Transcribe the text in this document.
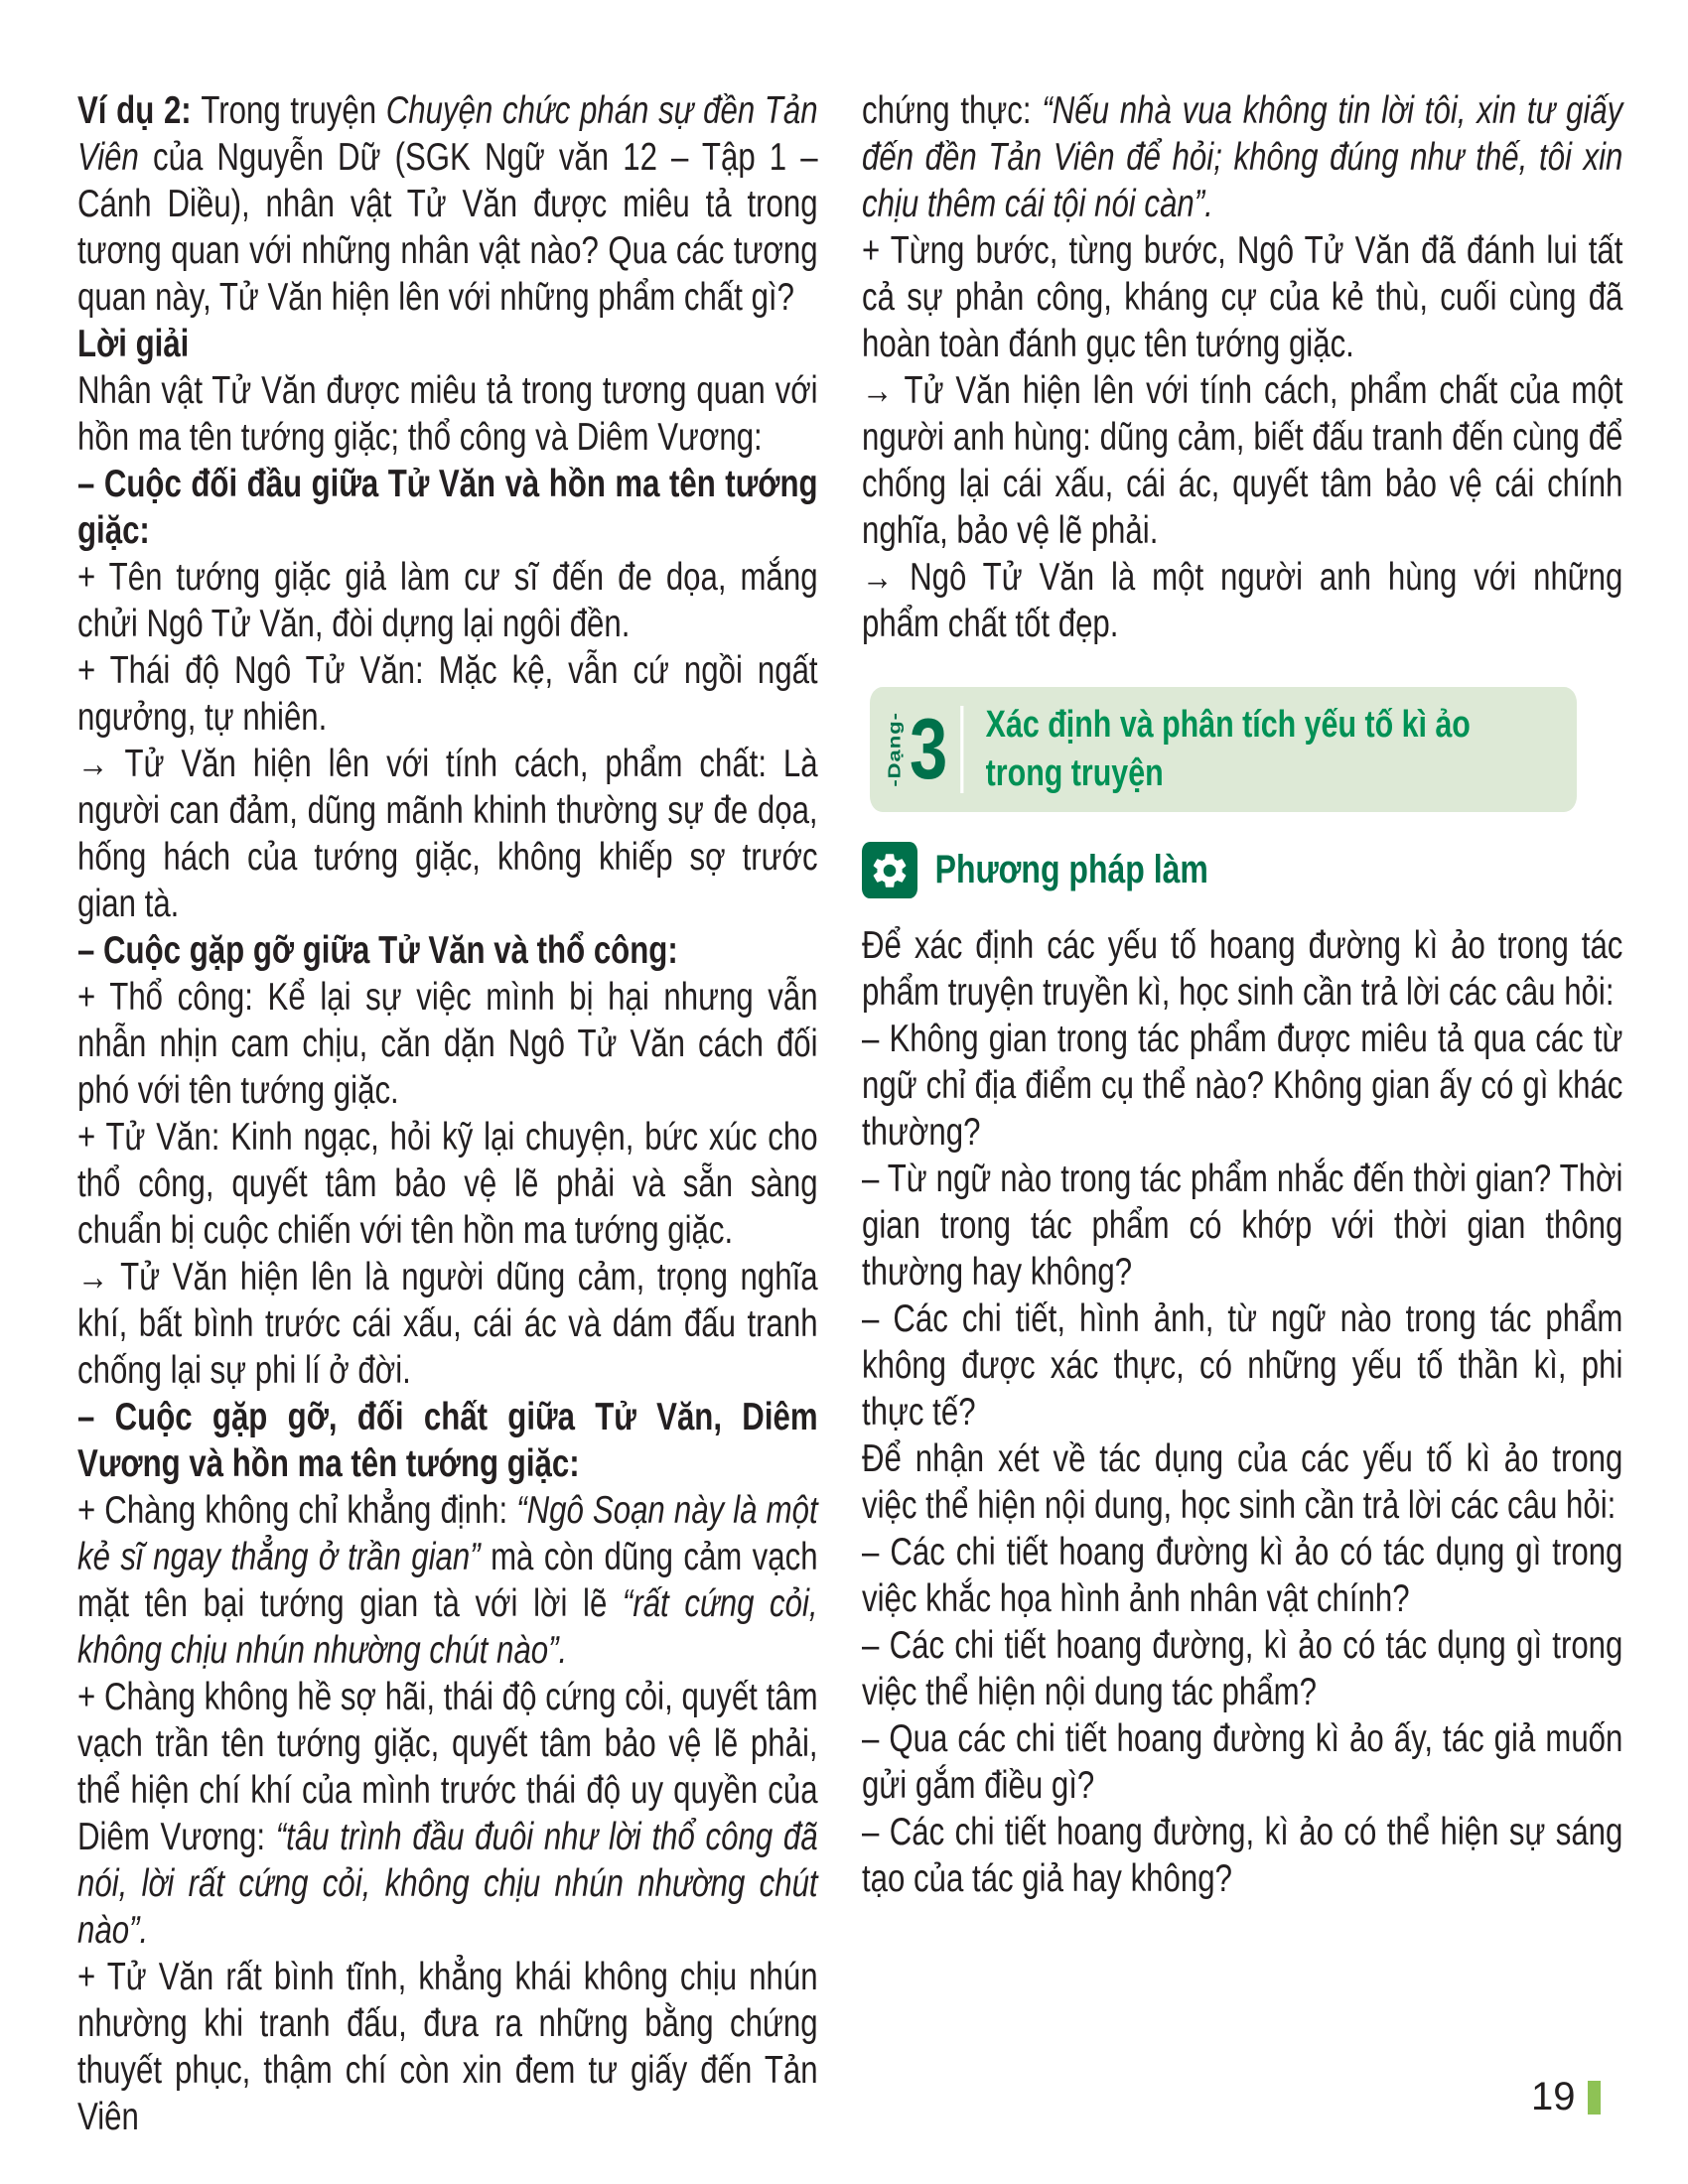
Ví dụ 2: Trong truyện Chuyện chức phán sự đền Tản Viên của Nguyễn Dữ (SGK Ngữ văn 12 – Tập 1 – Cánh Diều), nhân vật Tử Văn được miêu tả trong tương quan với những nhân vật nào? Qua các tương quan này, Tử Văn hiện lên với những phẩm chất gì?

Lời giải

Nhân vật Tử Văn được miêu tả trong tương quan với hồn ma tên tướng giặc; thổ công và Diêm Vương:

– Cuộc đối đầu giữa Tử Văn và hồn ma tên tướng giặc:

+ Tên tướng giặc giả làm cư sĩ đến đe dọa, mắng chửi Ngô Tử Văn, đòi dựng lại ngôi đền.

+ Thái độ Ngô Tử Văn: Mặc kệ, vẫn cứ ngồi ngất ngưởng, tự nhiên.

→ Tử Văn hiện lên với tính cách, phẩm chất: Là người can đảm, dũng mãnh khinh thường sự đe dọa, hống hách của tướng giặc, không khiếp sợ trước gian tà.

– Cuộc gặp gỡ giữa Tử Văn và thổ công:

+ Thổ công: Kể lại sự việc mình bị hại nhưng vẫn nhẫn nhịn cam chịu, căn dặn Ngô Tử Văn cách đối phó với tên tướng giặc.

+ Tử Văn: Kinh ngạc, hỏi kỹ lại chuyện, bức xúc cho thổ công, quyết tâm bảo vệ lẽ phải và sẵn sàng chuẩn bị cuộc chiến với tên hồn ma tướng giặc.

→ Tử Văn hiện lên là người dũng cảm, trọng nghĩa khí, bất bình trước cái xấu, cái ác và dám đấu tranh chống lại sự phi lí ở đời.

– Cuộc gặp gỡ, đối chất giữa Tử Văn, Diêm Vương và hồn ma tên tướng giặc:

+ Chàng không chỉ khẳng định: “Ngô Soạn này là một kẻ sĩ ngay thẳng ở trần gian” mà còn dũng cảm vạch mặt tên bại tướng gian tà với lời lẽ “rất cứng cỏi, không chịu nhún nhường chút nào”.

+ Chàng không hề sợ hãi, thái độ cứng cỏi, quyết tâm vạch trần tên tướng giặc, quyết tâm bảo vệ lẽ phải, thể hiện chí khí của mình trước thái độ uy quyền của Diêm Vương: “tâu trình đầu đuôi như lời thổ công đã nói, lời rất cứng cỏi, không chịu nhún nhường chút nào”.

+ Tử Văn rất bình tĩnh, khẳng khái không chịu nhún nhường khi tranh đấu, đưa ra những bằng chứng thuyết phục, thậm chí còn xin đem tư giấy đến Tản Viên

chứng thực: “Nếu nhà vua không tin lời tôi, xin tư giấy đến đền Tản Viên để hỏi; không đúng như thế, tôi xin chịu thêm cái tội nói càn”.

+ Từng bước, từng bước, Ngô Tử Văn đã đánh lui tất cả sự phản công, kháng cự của kẻ thù, cuối cùng đã hoàn toàn đánh gục tên tướng giặc.

→ Tử Văn hiện lên với tính cách, phẩm chất của một người anh hùng: dũng cảm, biết đấu tranh đến cùng để chống lại cái xấu, cái ác, quyết tâm bảo vệ cái chính nghĩa, bảo vệ lẽ phải.

→ Ngô Tử Văn là một người anh hùng với những phẩm chất tốt đẹp.

-Dạng- 3 Xác định và phân tích yếu tố kì ảo
trong truyện
Phương pháp làm

Để xác định các yếu tố hoang đường kì ảo trong tác phẩm truyện truyền kì, học sinh cần trả lời các câu hỏi:

– Không gian trong tác phẩm được miêu tả qua các từ ngữ chỉ địa điểm cụ thể nào? Không gian ấy có gì khác thường?

– Từ ngữ nào trong tác phẩm nhắc đến thời gian? Thời gian trong tác phẩm có khớp với thời gian thông thường hay không?

– Các chi tiết, hình ảnh, từ ngữ nào trong tác phẩm không được xác thực, có những yếu tố thần kì, phi thực tế?

Để nhận xét về tác dụng của các yếu tố kì ảo trong việc thể hiện nội dung, học sinh cần trả lời các câu hỏi:

– Các chi tiết hoang đường kì ảo có tác dụng gì trong việc khắc họa hình ảnh nhân vật chính?

– Các chi tiết hoang đường, kì ảo có tác dụng gì trong việc thể hiện nội dung tác phẩm?

– Qua các chi tiết hoang đường kì ảo ấy, tác giả muốn gửi gắm điều gì?

– Các chi tiết hoang đường, kì ảo có thể hiện sự sáng tạo của tác giả hay không?

19
